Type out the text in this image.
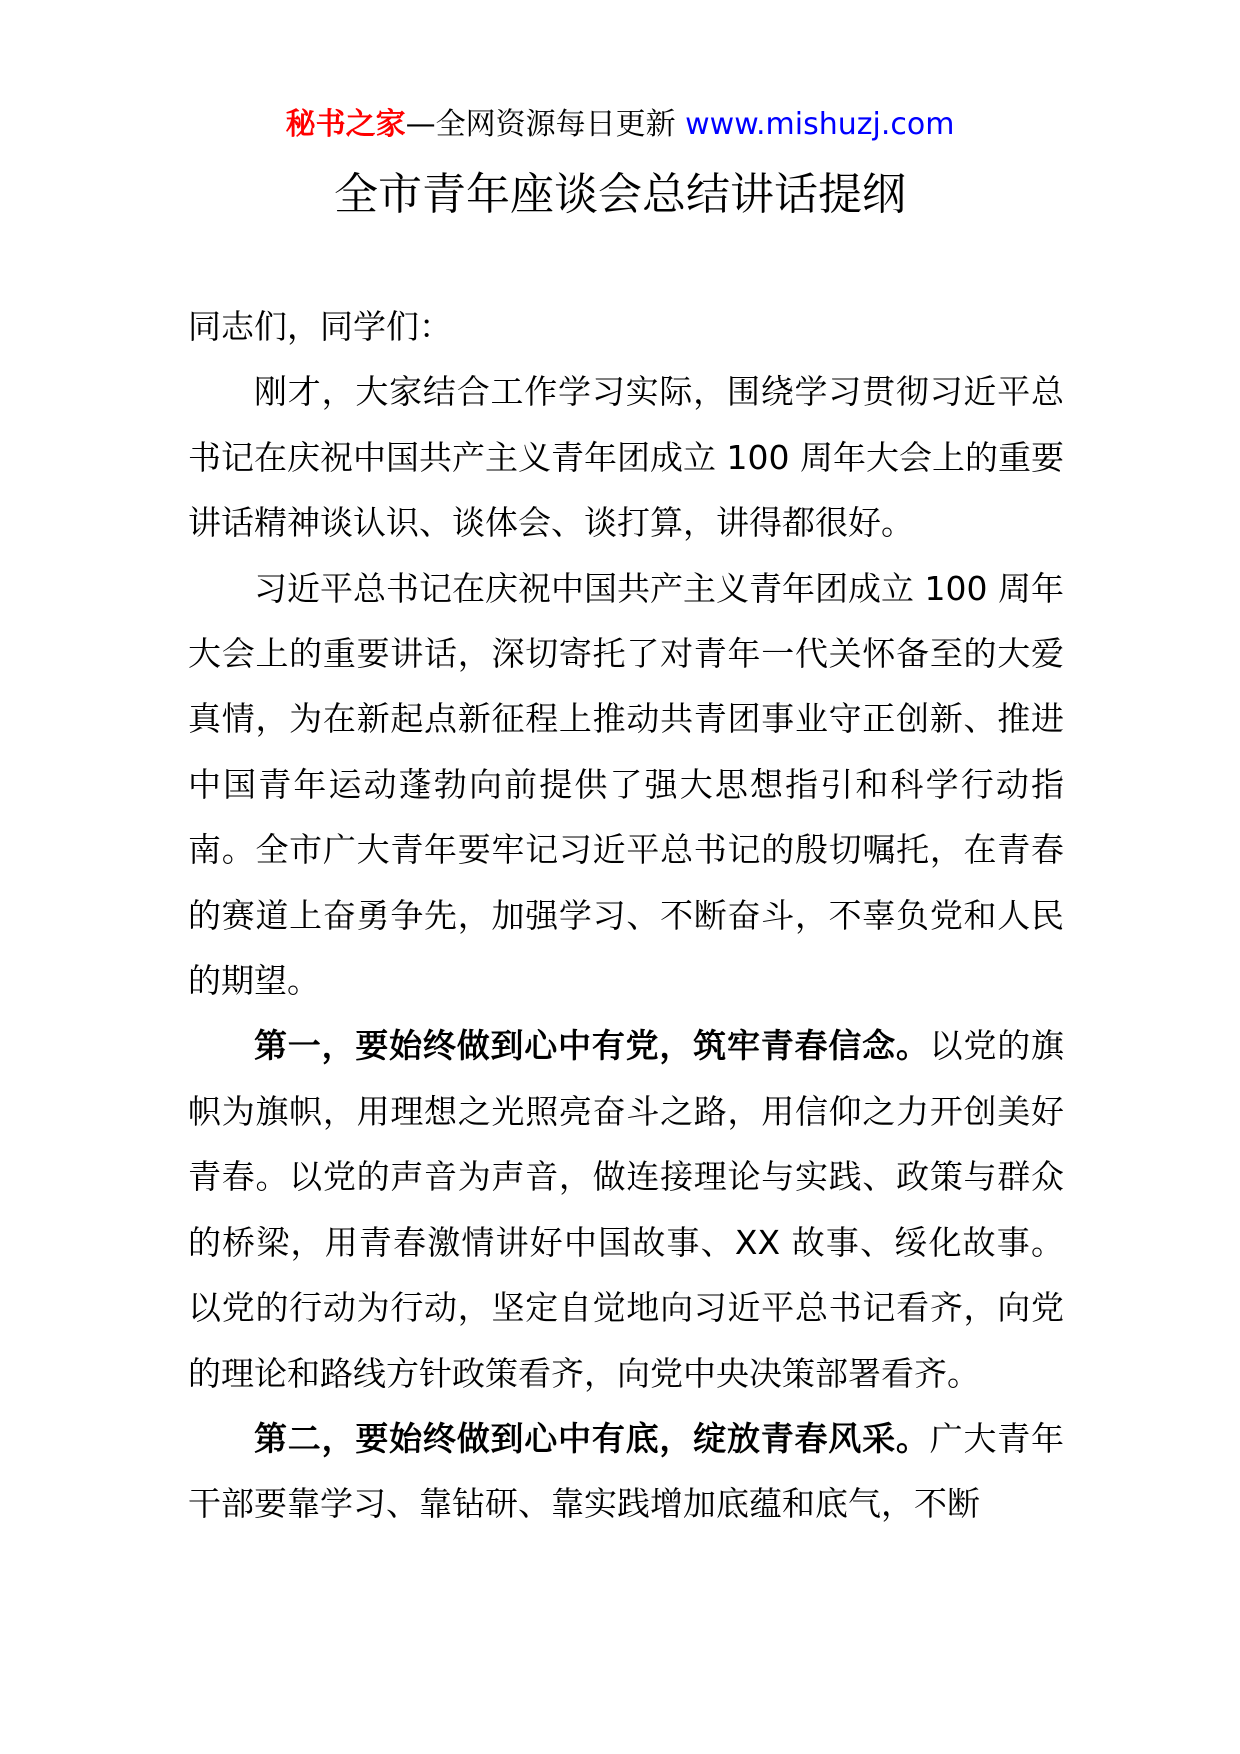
秘书之家—全网资源每日更新 www.mishuzj.com
全市青年座谈会总结讲话提纲

同志们，同学们：

刚才，大家结合工作学习实际，围绕学习贯彻习近平总书记在庆祝中国共产主义青年团成立 100 周年大会上的重要讲话精神谈认识、谈体会、谈打算，讲得都很好。

习近平总书记在庆祝中国共产主义青年团成立 100 周年大会上的重要讲话，深切寄托了对青年一代关怀备至的大爱真情，为在新起点新征程上推动共青团事业守正创新、推进中国青年运动蓬勃向前提供了强大思想指引和科学行动指南。全市广大青年要牢记习近平总书记的殷切嘱托，在青春的赛道上奋勇争先，加强学习、不断奋斗，不辜负党和人民的期望。

第一，要始终做到心中有党，筑牢青春信念。以党的旗帜为旗帜，用理想之光照亮奋斗之路，用信仰之力开创美好青春。以党的声音为声音，做连接理论与实践、政策与群众的桥梁，用青春激情讲好中国故事、XX 故事、绥化故事。以党的行动为行动，坚定自觉地向习近平总书记看齐，向党的理论和路线方针政策看齐，向党中央决策部署看齐。

第二，要始终做到心中有底，绽放青春风采。广大青年干部要靠学习、靠钻研、靠实践增加底蕴和底气，不断
